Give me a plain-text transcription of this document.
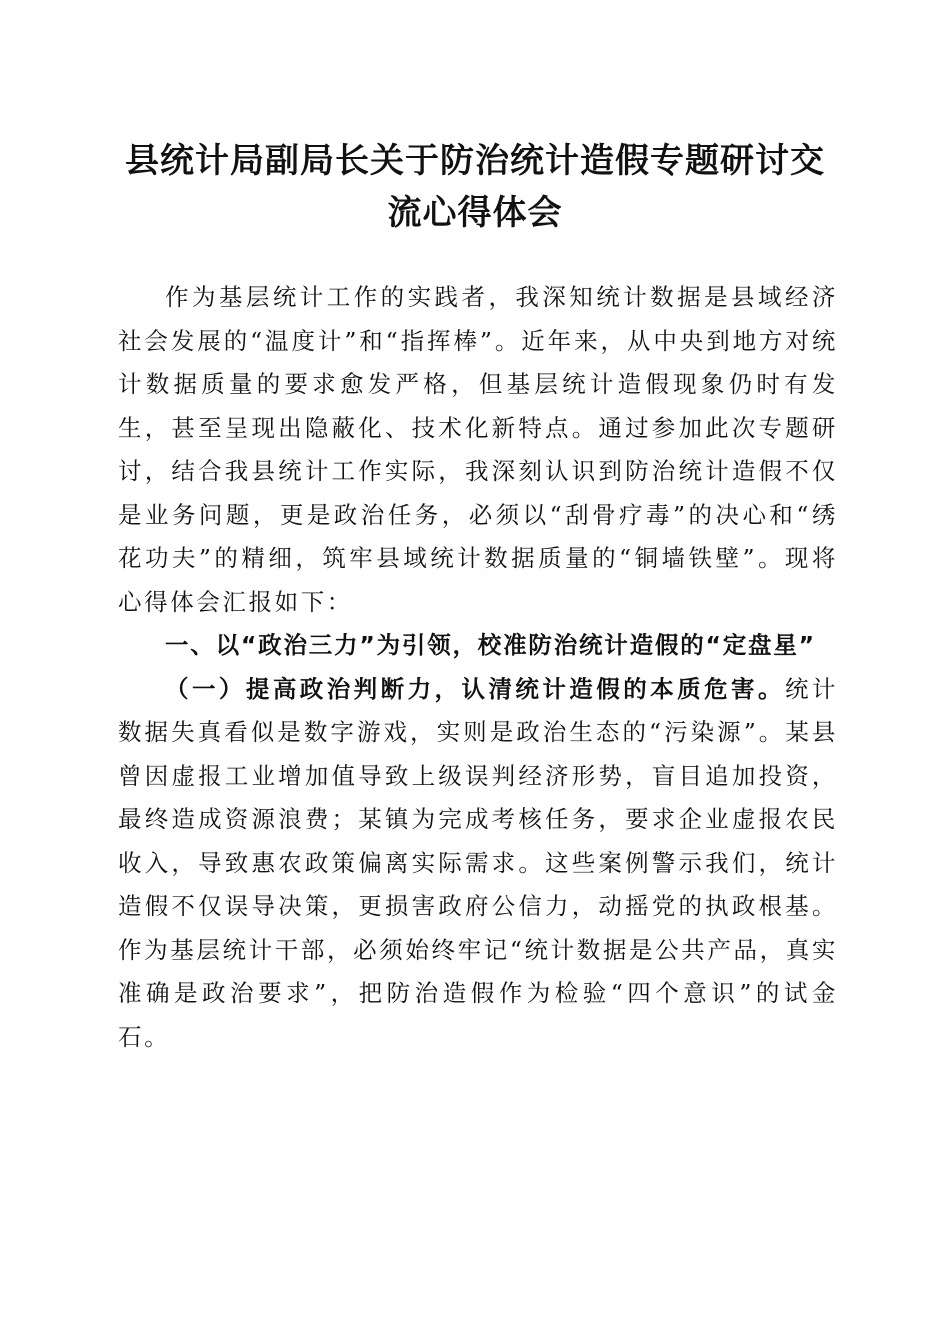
县统计局副局长关于防治统计造假专题研讨交
流心得体会

作为基层统计工作的实践者，我深知统计数据是县域经济社会发展的“温度计”和“指挥棒”。近年来，从中央到地方对统计数据质量的要求愈发严格，但基层统计造假现象仍时有发生，甚至呈现出隐蔽化、技术化新特点。通过参加此次专题研讨，结合我县统计工作实际，我深刻认识到防治统计造假不仅是业务问题，更是政治任务，必须以“刮骨疗毒”的决心和“绣花功夫”的精细，筑牢县域统计数据质量的“铜墙铁壁”。现将心得体会汇报如下：

一、以“政治三力”为引领，校准防治统计造假的“定盘星”

（一）提高政治判断力，认清统计造假的本质危害。统计数据失真看似是数字游戏，实则是政治生态的“污染源”。某县曾因虚报工业增加值导致上级误判经济形势，盲目追加投资，最终造成资源浪费；某镇为完成考核任务，要求企业虚报农民收入，导致惠农政策偏离实际需求。这些案例警示我们，统计造假不仅误导决策，更损害政府公信力，动摇党的执政根基。作为基层统计干部，必须始终牢记“统计数据是公共产品，真实准确是政治要求”，把防治造假作为检验“四个意识”的试金石。
